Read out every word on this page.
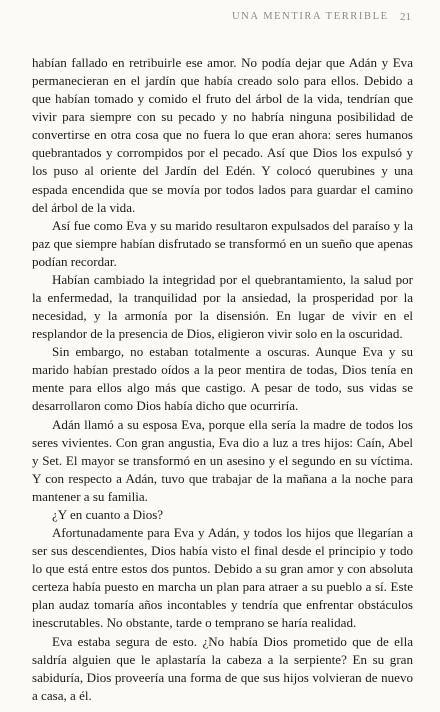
UNA MENTIRA TERRIBLE 21

habían fallado en retribuirle ese amor. No podía dejar que Adán y Eva permanecieran en el jardín que había creado solo para ellos. Debido a que habían tomado y comido el fruto del árbol de la vida, tendrían que vivir para siempre con su pecado y no habría ninguna posibilidad de convertirse en otra cosa que no fuera lo que eran ahora: seres humanos quebrantados y corrompidos por el pecado. Así que Dios los expulsó y los puso al oriente del Jardín del Edén. Y colocó querubines y una espada encendida que se movía por todos lados para guardar el camino del árbol de la vida.

Así fue como Eva y su marido resultaron expulsados del paraíso y la paz que siempre habían disfrutado se transformó en un sueño que apenas podían recordar.

Habían cambiado la integridad por el quebrantamiento, la salud por la enfermedad, la tranquilidad por la ansiedad, la prosperidad por la necesidad, y la armonía por la disensión. En lugar de vivir en el resplandor de la presencia de Dios, eligieron vivir solo en la oscuridad.

Sin embargo, no estaban totalmente a oscuras. Aunque Eva y su marido habían prestado oídos a la peor mentira de todas, Dios tenía en mente para ellos algo más que castigo. A pesar de todo, sus vidas se desarrollaron como Dios había dicho que ocurriría.

Adán llamó a su esposa Eva, porque ella sería la madre de todos los seres vivientes. Con gran angustia, Eva dio a luz a tres hijos: Caín, Abel y Set. El mayor se transformó en un asesino y el segundo en su víctima. Y con respecto a Adán, tuvo que trabajar de la mañana a la noche para mantener a su familia.

¿Y en cuanto a Dios?

Afortunadamente para Eva y Adán, y todos los hijos que llegarían a ser sus descendientes, Dios había visto el final desde el principio y todo lo que está entre estos dos puntos. Debido a su gran amor y con absoluta certeza había puesto en marcha un plan para atraer a su pueblo a sí. Este plan audaz tomaría años incontables y tendría que enfrentar obstáculos inescrutables. No obstante, tarde o temprano se haría realidad.

Eva estaba segura de esto. ¿No había Dios prometido que de ella saldría alguien que le aplastaría la cabeza a la serpiente? En su gran sabiduría, Dios proveería una forma de que sus hijos volvieran de nuevo a casa, a él.
